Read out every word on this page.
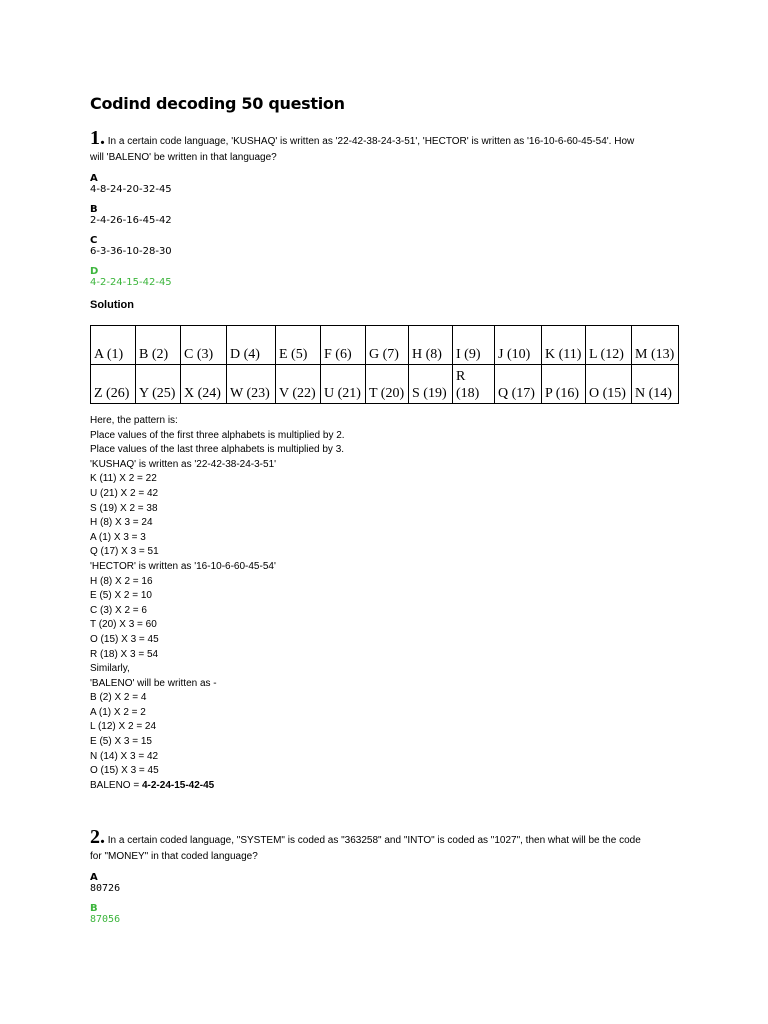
Codind decoding 50 question
1. In a certain code language, 'KUSHAQ' is written as '22-42-38-24-3-51', 'HECTOR' is written as '16-10-6-60-45-54'. How will 'BALENO' be written in that language?
A
4-8-24-20-32-45
B
2-4-26-16-45-42
C
6-3-36-10-28-30
D
4-2-24-15-42-45
Solution
A (1)	B (2)	C (3)	D (4)	E (5)	F (6)	G (7)	H (8)	I (9)	J (10)	K (11)	L (12)	M (13)
Z (26)	Y (25)	X (24)	W (23)	V (22)	U (21)	T (20)	S (19)	R (18)	Q (17)	P (16)	O (15)	N (14)
Here, the pattern is:
Place values of the first three alphabets is multiplied by 2.
Place values of the last three alphabets is multiplied by 3.
'KUSHAQ' is written as '22-42-38-24-3-51'
K (11) X 2 = 22
U (21) X 2 = 42
S (19) X 2 = 38
H (8) X 3 = 24
A (1) X 3 = 3
Q (17) X 3 = 51
'HECTOR' is written as '16-10-6-60-45-54'
H (8) X 2 = 16
E (5) X 2 = 10
C (3) X 2 = 6
T (20) X 3 = 60
O (15) X 3 = 45
R (18) X 3 = 54
Similarly,
'BALENO' will be written as -
B (2) X 2 = 4
A (1) X 2 = 2
L (12) X 2 = 24
E (5) X 3 = 15
N (14) X 3 = 42
O (15) X 3 = 45
BALENO = 4-2-24-15-42-45
2. In a certain coded language, "SYSTEM" is coded as "363258" and "INTO" is coded as "1027", then what will be the code for "MONEY" in that coded language?
A
80726
B
87056
